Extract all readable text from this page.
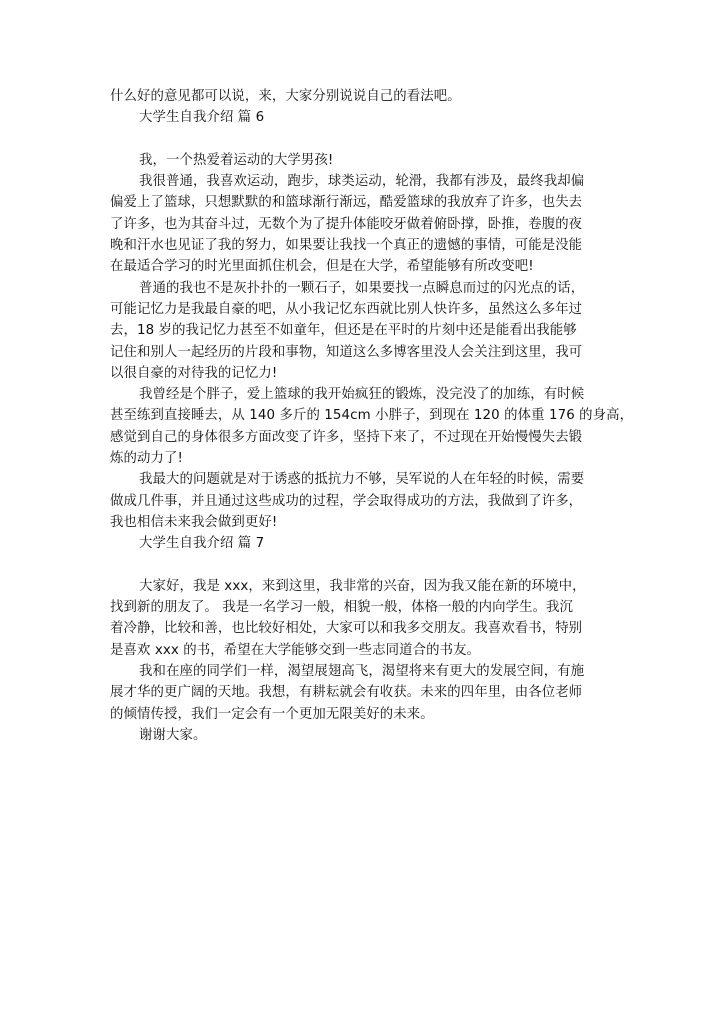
什么好的意见都可以说，来，大家分别说说自己的看法吧。
大学生自我介绍 篇 6
我，一个热爱着运动的大学男孩!
我很普通，我喜欢运动，跑步，球类运动，轮滑，我都有涉及，最终我却偏
偏爱上了篮球，只想默默的和篮球渐行渐远，酷爱篮球的我放弃了许多，也失去
了许多，也为其奋斗过，无数个为了提升体能咬牙做着俯卧撑，卧推，卷腹的夜
晚和汗水也见证了我的努力，如果要让我找一个真正的遗憾的事情，可能是没能
在最适合学习的时光里面抓住机会，但是在大学，希望能够有所改变吧!
普通的我也不是灰扑扑的一颗石子，如果要找一点瞬息而过的闪光点的话，
可能记忆力是我最自豪的吧，从小我记忆东西就比别人快许多，虽然这么多年过
去，18 岁的我记忆力甚至不如童年，但还是在平时的片刻中还是能看出我能够
记住和别人一起经历的片段和事物，知道这么多博客里没人会关注到这里，我可
以很自豪的对待我的记忆力!
我曾经是个胖子，爱上篮球的我开始疯狂的锻炼，没完没了的加练，有时候
甚至练到直接睡去，从 140 多斤的 154cm 小胖子，到现在 120 的体重 176 的身高，
感觉到自己的身体很多方面改变了许多，坚持下来了，不过现在开始慢慢失去锻
炼的动力了!
我最大的问题就是对于诱惑的抵抗力不够，吴军说的人在年轻的时候，需要
做成几件事，并且通过这些成功的过程，学会取得成功的方法，我做到了许多，
我也相信未来我会做到更好!
大学生自我介绍 篇 7
大家好，我是 xxx，来到这里，我非常的兴奋，因为我又能在新的环境中，
找到新的朋友了。 我是一名学习一般，相貌一般，体格一般的内向学生。我沉
着冷静，比较和善，也比较好相处，大家可以和我多交朋友。我喜欢看书，特别
是喜欢 xxx 的书，希望在大学能够交到一些志同道合的书友。
我和在座的同学们一样，渴望展翅高飞，渴望将来有更大的发展空间，有施
展才华的更广阔的天地。我想，有耕耘就会有收获。未来的四年里，由各位老师
的倾情传授，我们一定会有一个更加无限美好的未来。
谢谢大家。
